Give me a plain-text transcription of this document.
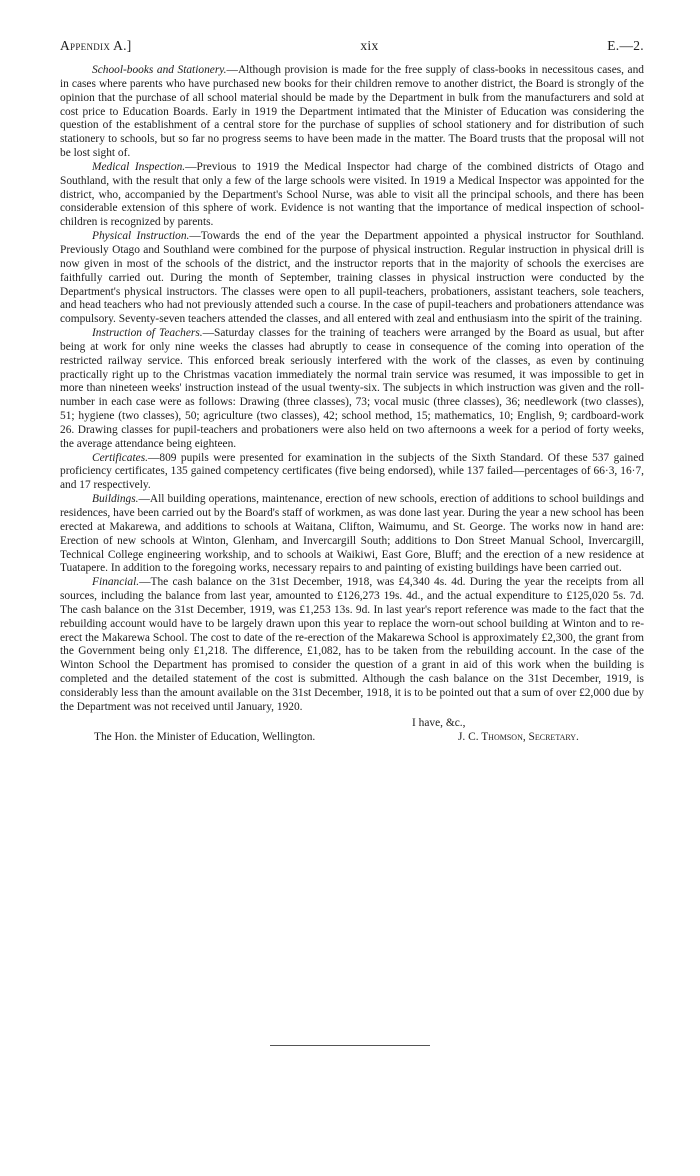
Appendix A.]	xix	E.—2.

School-books and Stationery.—Although provision is made for the free supply of class-books in necessitous cases, and in cases where parents who have purchased new books for their children remove to another district, the Board is strongly of the opinion that the purchase of all school material should be made by the Department in bulk from the manufacturers and sold at cost price to Education Boards. Early in 1919 the Department intimated that the Minister of Education was considering the question of the establishment of a central store for the purchase of supplies of school stationery and for distribution of such stationery to schools, but so far no progress seems to have been made in the matter. The Board trusts that the proposal will not be lost sight of.

Medical Inspection.—Previous to 1919 the Medical Inspector had charge of the combined districts of Otago and Southland, with the result that only a few of the large schools were visited. In 1919 a Medical Inspector was appointed for the district, who, accompanied by the Department's School Nurse, was able to visit all the principal schools, and there has been considerable extension of this sphere of work. Evidence is not wanting that the importance of medical inspection of school-children is recognized by parents.

Physical Instruction.—Towards the end of the year the Department appointed a physical instructor for Southland. Previously Otago and Southland were combined for the purpose of physical instruction. Regular instruction in physical drill is now given in most of the schools of the district, and the instructor reports that in the majority of schools the exercises are faithfully carried out. During the month of September, training classes in physical instruction were conducted by the Department's physical instructors. The classes were open to all pupil-teachers, probationers, assistant teachers, sole teachers, and head teachers who had not previously attended such a course. In the case of pupil-teachers and probationers attendance was compulsory. Seventy-seven teachers attended the classes, and all entered with zeal and enthusiasm into the spirit of the training.

Instruction of Teachers.—Saturday classes for the training of teachers were arranged by the Board as usual, but after being at work for only nine weeks the classes had abruptly to cease in consequence of the coming into operation of the restricted railway service. This enforced break seriously interfered with the work of the classes, as even by continuing practically right up to the Christmas vacation immediately the normal train service was resumed, it was impossible to get in more than nineteen weeks' instruction instead of the usual twenty-six. The subjects in which instruction was given and the roll-number in each case were as follows: Drawing (three classes), 73; vocal music (three classes), 36; needlework (two classes), 51; hygiene (two classes), 50; agriculture (two classes), 42; school method, 15; mathematics, 10; English, 9; cardboard-work 26. Drawing classes for pupil-teachers and probationers were also held on two afternoons a week for a period of forty weeks, the average attendance being eighteen.

Certificates.—809 pupils were presented for examination in the subjects of the Sixth Standard. Of these 537 gained proficiency certificates, 135 gained competency certificates (five being endorsed), while 137 failed—percentages of 66·3, 16·7, and 17 respectively.

Buildings.—All building operations, maintenance, erection of new schools, erection of additions to school buildings and residences, have been carried out by the Board's staff of workmen, as was done last year. During the year a new school has been erected at Makarewa, and additions to schools at Waitana, Clifton, Waimumu, and St. George. The works now in hand are: Erection of new schools at Winton, Glenham, and Invercargill South; additions to Don Street Manual School, Invercargill, Technical College engineering workship, and to schools at Waikiwi, East Gore, Bluff; and the erection of a new residence at Tuatapere. In addition to the foregoing works, necessary repairs to and painting of existing buildings have been carried out.

Financial.—The cash balance on the 31st December, 1918, was £4,340 4s. 4d. During the year the receipts from all sources, including the balance from last year, amounted to £126,273 19s. 4d., and the actual expenditure to £125,020 5s. 7d. The cash balance on the 31st December, 1919, was £1,253 13s. 9d. In last year's report reference was made to the fact that the rebuilding account would have to be largely drawn upon this year to replace the worn-out school building at Winton and to re-erect the Makarewa School. The cost to date of the re-erection of the Makarewa School is approximately £2,300, the grant from the Government being only £1,218. The difference, £1,082, has to be taken from the rebuilding account. In the case of the Winton School the Department has promised to consider the question of a grant in aid of this work when the building is completed and the detailed statement of the cost is submitted. Although the cash balance on the 31st December, 1919, is considerably less than the amount available on the 31st December, 1918, it is to be pointed out that a sum of over £2,000 due by the Department was not received until January, 1920.

I have, &c.,
The Hon. the Minister of Education, Wellington.	J. C. Thomson, Secretary.
